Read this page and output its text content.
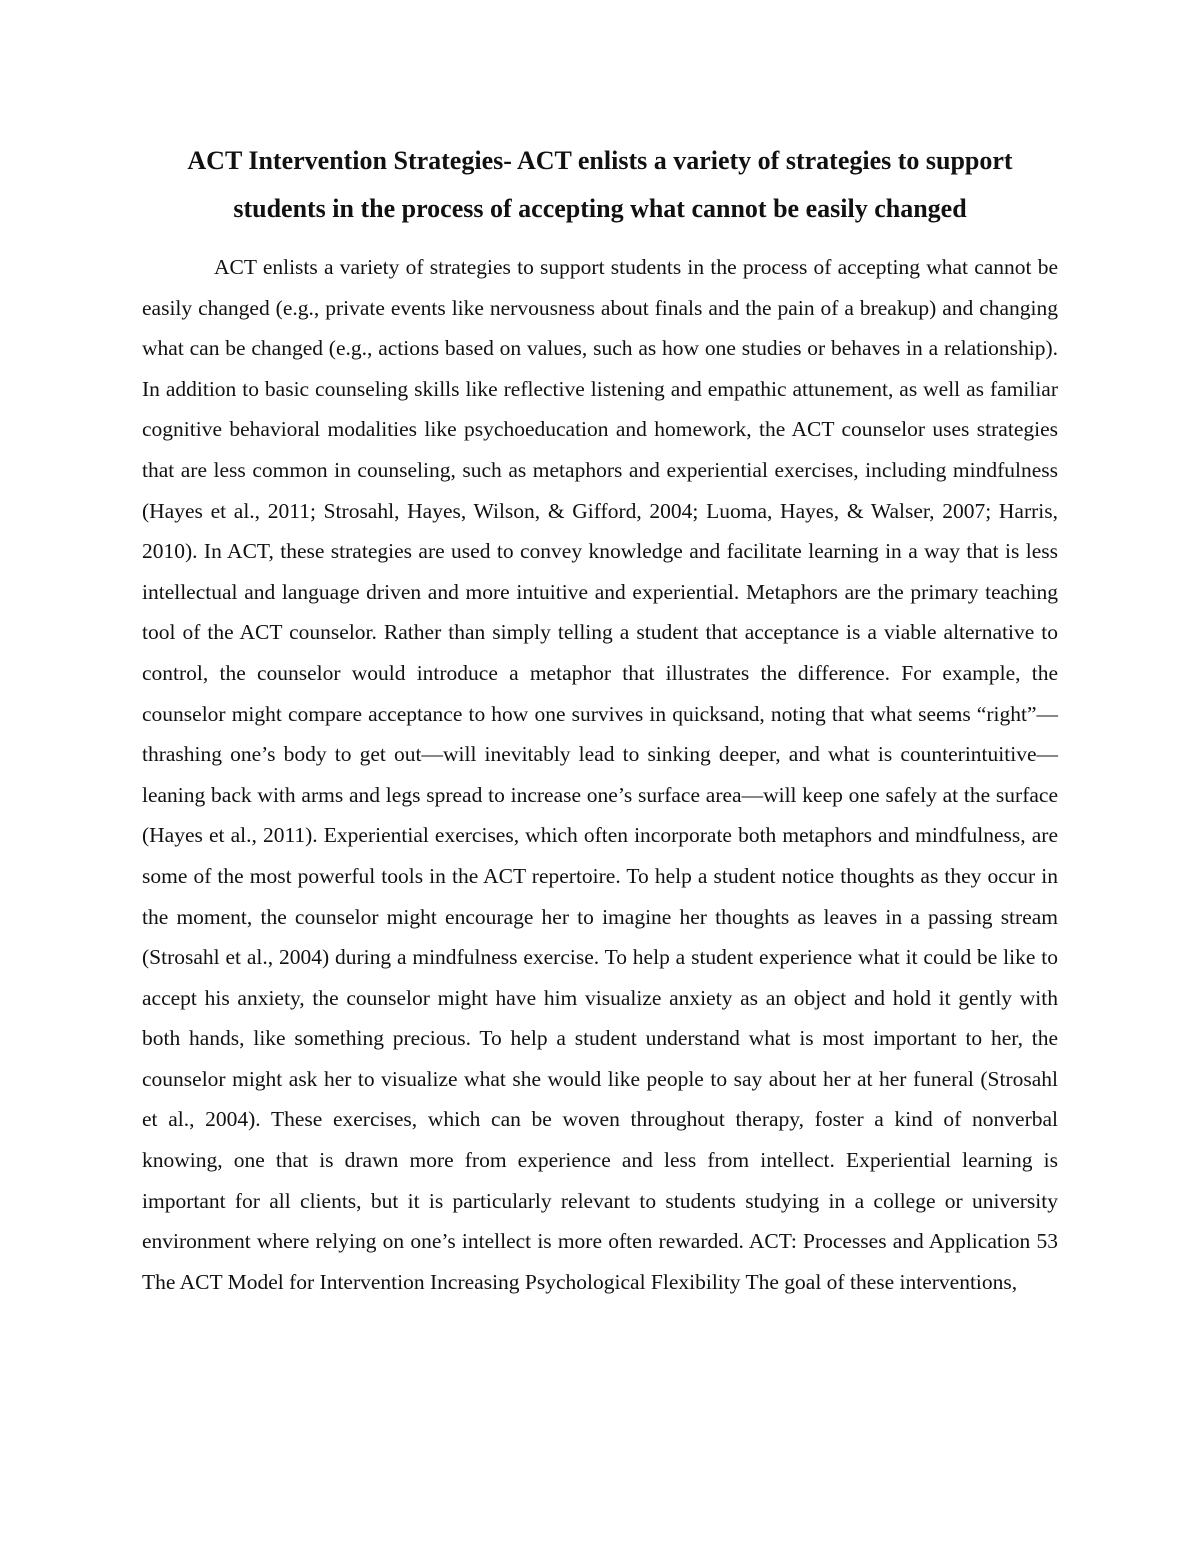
ACT Intervention Strategies- ACT enlists a variety of strategies to support students in the process of accepting what cannot be easily changed

ACT enlists a variety of strategies to support students in the process of accepting what cannot be easily changed (e.g., private events like nervousness about finals and the pain of a breakup) and changing what can be changed (e.g., actions based on values, such as how one studies or behaves in a relationship). In addition to basic counseling skills like reflective listening and empathic attunement, as well as familiar cognitive behavioral modalities like psychoeducation and homework, the ACT counselor uses strategies that are less common in counseling, such as metaphors and experiential exercises, including mindfulness (Hayes et al., 2011; Strosahl, Hayes, Wilson, & Gifford, 2004; Luoma, Hayes, & Walser, 2007; Harris, 2010). In ACT, these strategies are used to convey knowledge and facilitate learning in a way that is less intellectual and language driven and more intuitive and experiential. Metaphors are the primary teaching tool of the ACT counselor. Rather than simply telling a student that acceptance is a viable alternative to control, the counselor would introduce a metaphor that illustrates the difference. For example, the counselor might compare acceptance to how one survives in quicksand, noting that what seems “right”—thrashing one’s body to get out—will inevitably lead to sinking deeper, and what is counterintuitive—leaning back with arms and legs spread to increase one’s surface area—will keep one safely at the surface (Hayes et al., 2011). Experiential exercises, which often incorporate both metaphors and mindfulness, are some of the most powerful tools in the ACT repertoire. To help a student notice thoughts as they occur in the moment, the counselor might encourage her to imagine her thoughts as leaves in a passing stream (Strosahl et al., 2004) during a mindfulness exercise. To help a student experience what it could be like to accept his anxiety, the counselor might have him visualize anxiety as an object and hold it gently with both hands, like something precious. To help a student understand what is most important to her, the counselor might ask her to visualize what she would like people to say about her at her funeral (Strosahl et al., 2004). These exercises, which can be woven throughout therapy, foster a kind of nonverbal knowing, one that is drawn more from experience and less from intellect. Experiential learning is important for all clients, but it is particularly relevant to students studying in a college or university environment where relying on one’s intellect is more often rewarded. ACT: Processes and Application 53 The ACT Model for Intervention Increasing Psychological Flexibility The goal of these interventions,
